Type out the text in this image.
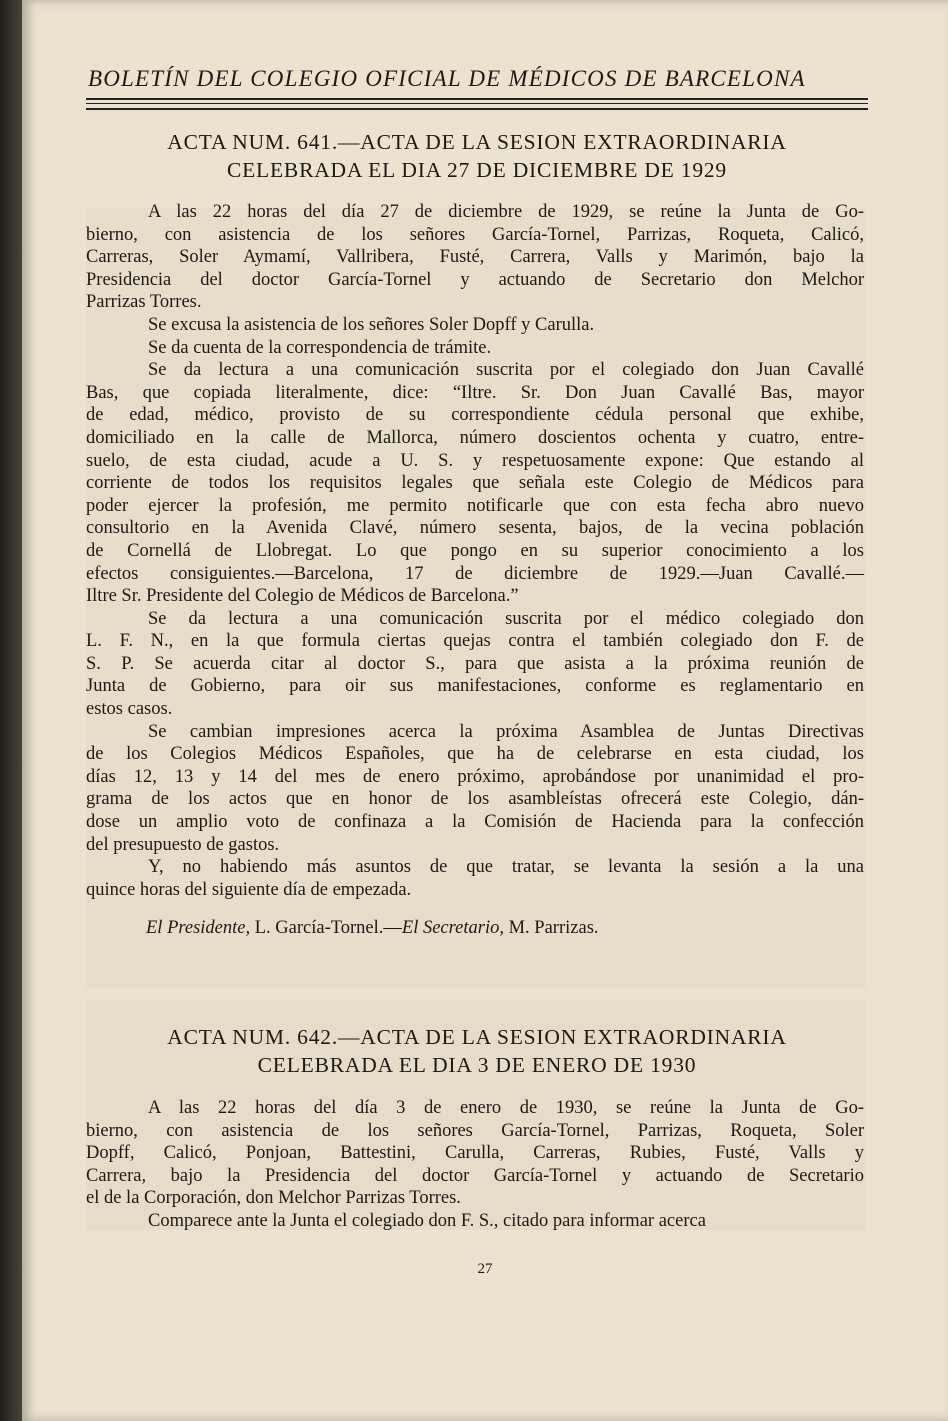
BOLETÍN DEL COLEGIO OFICIAL DE MÉDICOS DE BARCELONA
ACTA NUM. 641.—ACTA DE LA SESION EXTRAORDINARIA
CELEBRADA EL DIA 27 DE DICIEMBRE DE 1929
A las 22 horas del día 27 de diciembre de 1929, se reúne la Junta de Go-
bierno, con asistencia de los señores García-Tornel, Parrizas, Roqueta, Calicó,
Carreras, Soler Aymamí, Vallribera, Fusté, Carrera, Valls y Marimón, bajo la
Presidencia del doctor García-Tornel y actuando de Secretario don Melchor
Parrizas Torres.
Se excusa la asistencia de los señores Soler Dopff y Carulla.
Se da cuenta de la correspondencia de trámite.
Se da lectura a una comunicación suscrita por el colegiado don Juan Cavallé
Bas, que copiada literalmente, dice: “Iltre. Sr. Don Juan Cavallé Bas, mayor
de edad, médico, provisto de su correspondiente cédula personal que exhibe,
domiciliado en la calle de Mallorca, número doscientos ochenta y cuatro, entre-
suelo, de esta ciudad, acude a U. S. y respetuosamente expone: Que estando al
corriente de todos los requisitos legales que señala este Colegio de Médicos para
poder ejercer la profesión, me permito notificarle que con esta fecha abro nuevo
consultorio en la Avenida Clavé, número sesenta, bajos, de la vecina población
de Cornellá de Llobregat. Lo que pongo en su superior conocimiento a los
efectos consiguientes.—Barcelona, 17 de diciembre de 1929.—Juan Cavallé.—
Iltre Sr. Presidente del Colegio de Médicos de Barcelona.”
Se da lectura a una comunicación suscrita por el médico colegiado don
L. F. N., en la que formula ciertas quejas contra el también colegiado don F. de
S. P. Se acuerda citar al doctor S., para que asista a la próxima reunión de
Junta de Gobierno, para oir sus manifestaciones, conforme es reglamentario en
estos casos.
Se cambian impresiones acerca la próxima Asamblea de Juntas Directivas
de los Colegios Médicos Españoles, que ha de celebrarse en esta ciudad, los
días 12, 13 y 14 del mes de enero próximo, aprobándose por unanimidad el pro-
grama de los actos que en honor de los asambleístas ofrecerá este Colegio, dán-
dose un amplio voto de confinaza a la Comisión de Hacienda para la confección
del presupuesto de gastos.
Y, no habiendo más asuntos de que tratar, se levanta la sesión a la una
quince horas del siguiente día de empezada.
El Presidente, L. García-Tornel.—El Secretario, M. Parrizas.
ACTA NUM. 642.—ACTA DE LA SESION EXTRAORDINARIA
CELEBRADA EL DIA 3 DE ENERO DE 1930
A las 22 horas del día 3 de enero de 1930, se reúne la Junta de Go-
bierno, con asistencia de los señores García-Tornel, Parrizas, Roqueta, Soler
Dopff, Calicó, Ponjoan, Battestini, Carulla, Carreras, Rubies, Fusté, Valls y
Carrera, bajo la Presidencia del doctor García-Tornel y actuando de Secretario
el de la Corporación, don Melchor Parrizas Torres.
Comparece ante la Junta el colegiado don F. S., citado para informar acerca
27
